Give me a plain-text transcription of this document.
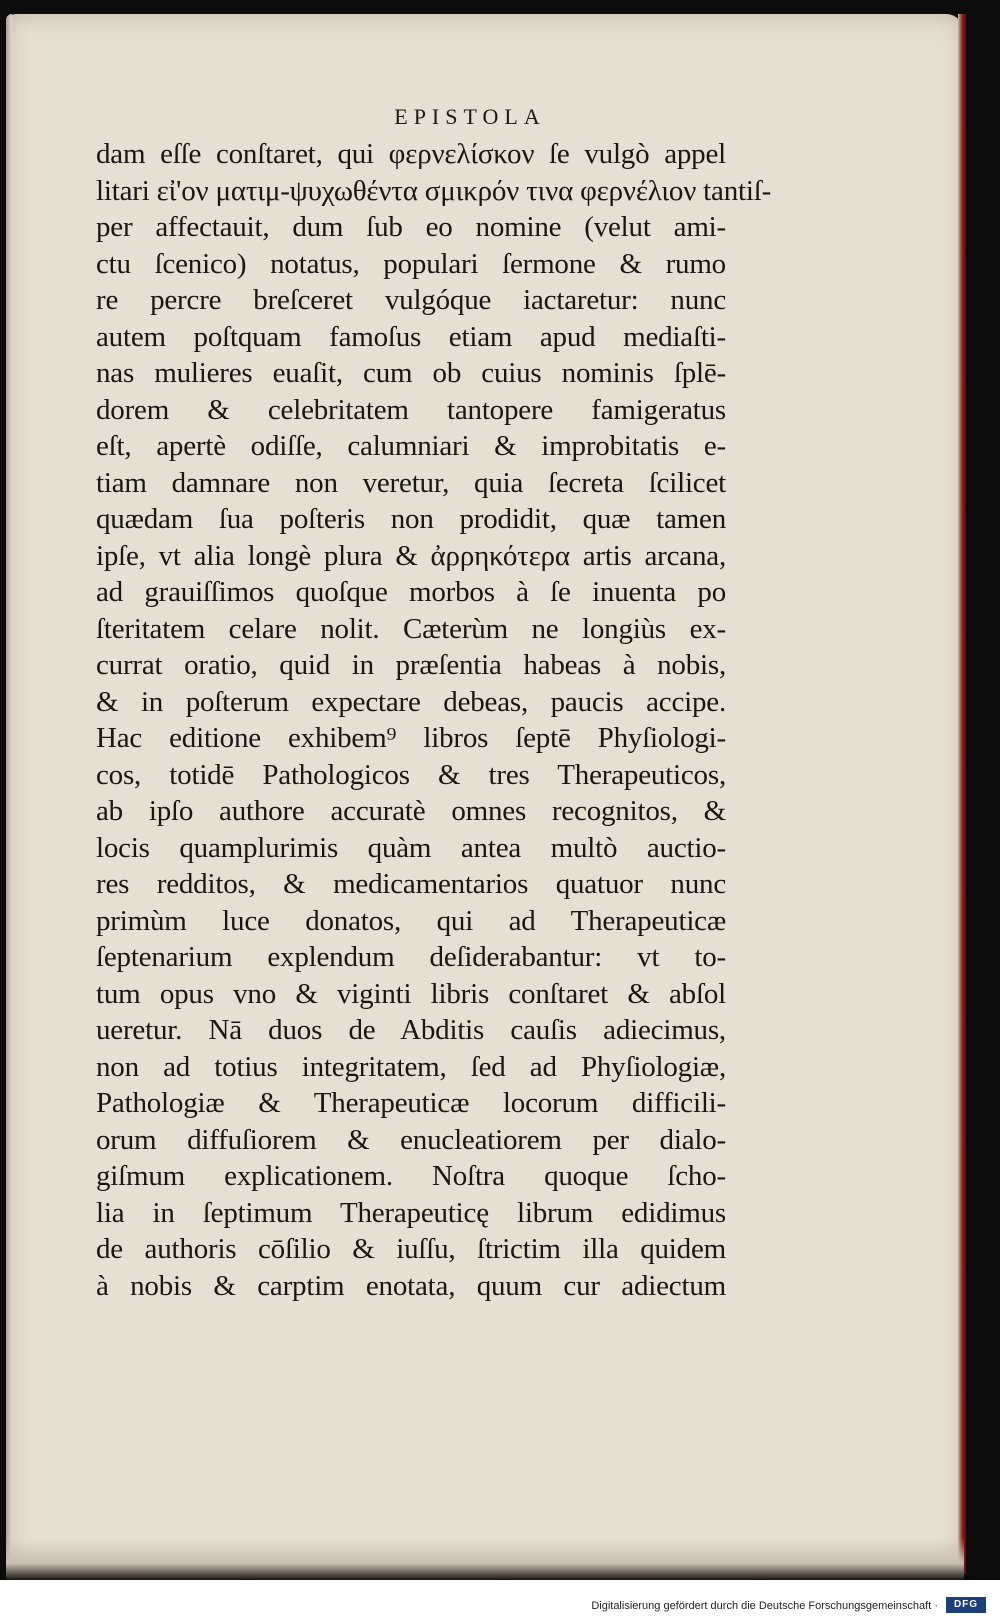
EPISTOLA
dam eſſe conſtaret, qui φερνελίσκον ſe vulgò appel
litari εἰ'ον ματιμ-ψυχωθέντα σμικρόν τινα φερνέλιον tantiſ-
per affectauit, dum ſub eo nomine (velut ami-
ctu ſcenico) notatus, populari ſermone & rumo
re percre breſceret vulgóque iactaretur: nunc
autem poſtquam famoſus etiam apud mediaſti-
nas mulieres euaſit, cum ob cuius nominis ſplē-
dorem & celebritatem tantopere famigeratus
eſt, apertè odiſſe, calumniari & improbitatis e-
tiam damnare non veretur, quia ſecreta ſcilicet
quædam ſua poſteris non prodidit, quæ tamen
ipſe, vt alia longè plura & ἀρρηκότερα artis arcana,
ad grauiſſimos quoſque morbos à ſe inuenta po
ſteritatem celare nolit. Cæterùm ne longiùs ex-
currat oratio, quid in præſentia habeas à nobis,
& in poſterum expectare debeas, paucis accipe.
Hac editione exhibem⁹ libros ſeptē Phyſiologi-
cos, totidē Pathologicos & tres Therapeuticos,
ab ipſo authore accuratè omnes recognitos, &
locis quamplurimis quàm antea multò auctio-
res redditos, & medicamentarios quatuor nunc
primùm luce donatos, qui ad Therapeuticæ
ſeptenarium explendum deſiderabantur: vt to-
tum opus vno & viginti libris conſtaret & abſol
ueretur. Nā duos de Abditis cauſis adiecimus,
non ad totius integritatem, ſed ad Phyſiologiæ,
Pathologiæ & Therapeuticæ locorum difficili-
orum diffuſiorem & enucleatiorem per dialo-
giſmum explicationem. Noſtra quoque ſcho-
lia in ſeptimum Therapeuticę librum edidimus
de authoris cōſilio & iuſſu, ſtrictim illa quidem
à nobis & carptim enotata, quum cur adiectum
Digitalisierung gefördert durch die Deutsche Forschungsgemeinschaft ·	DFG
